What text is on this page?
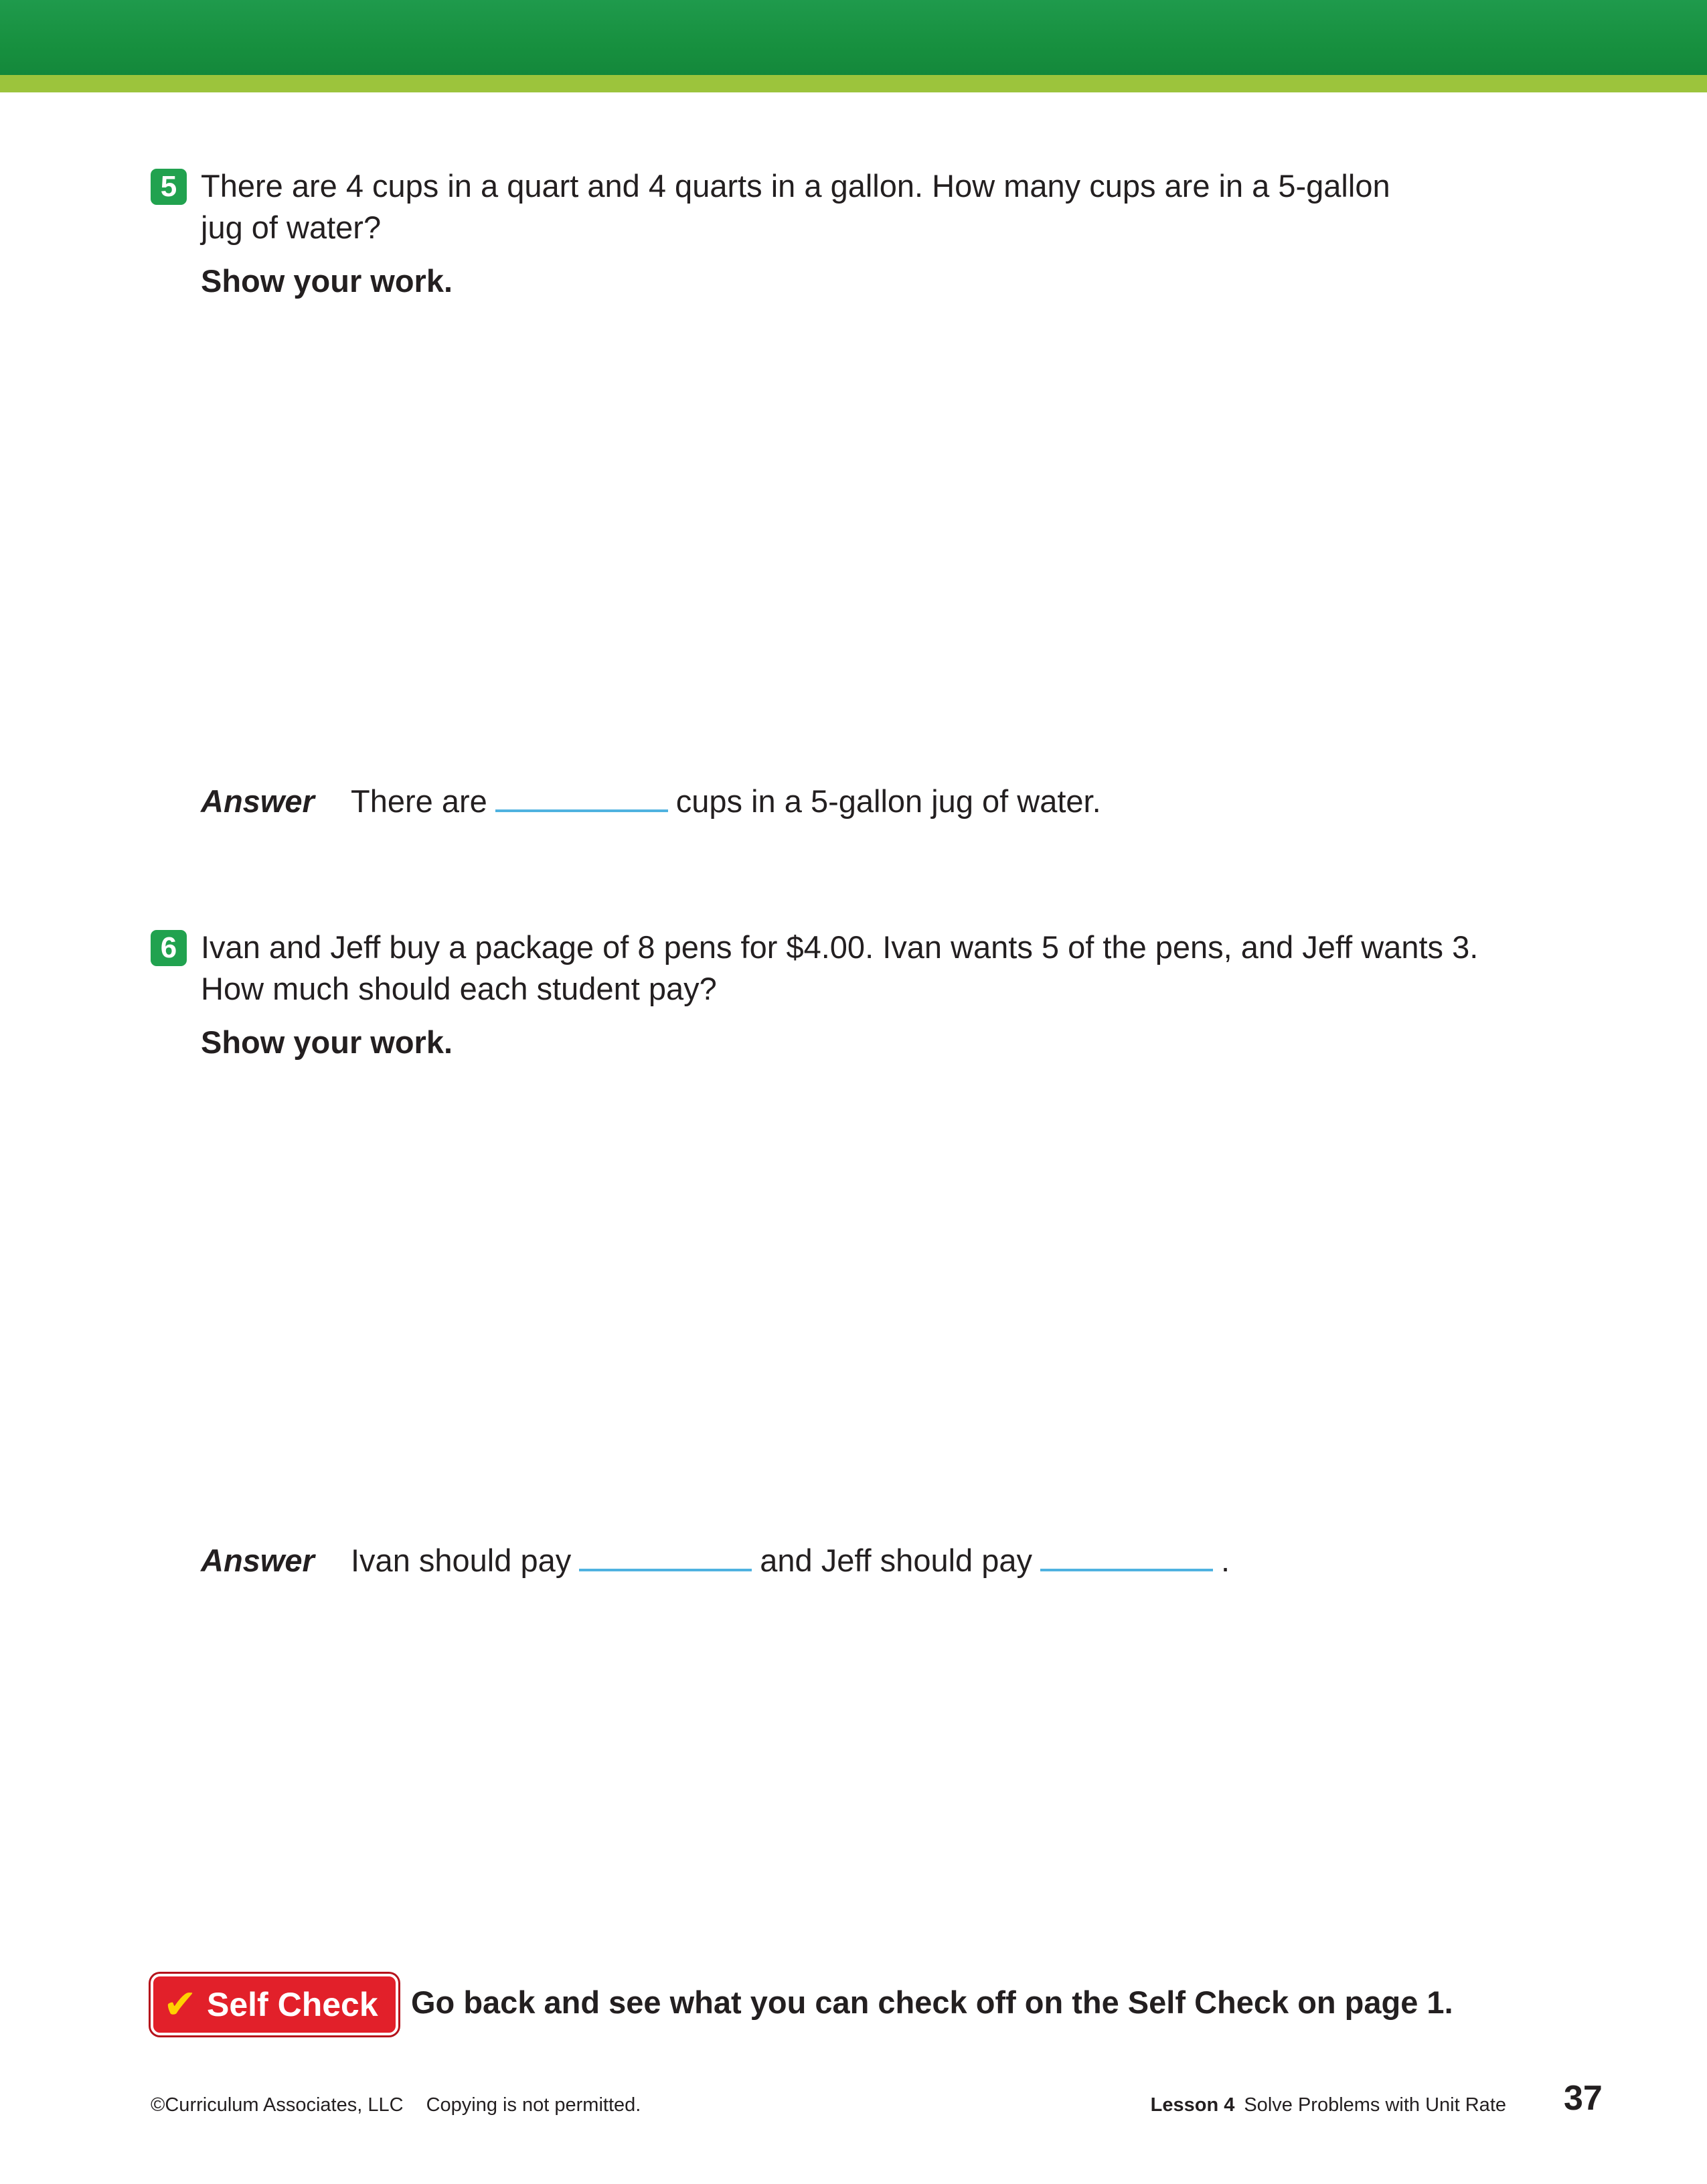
5 There are 4 cups in a quart and 4 quarts in a gallon. How many cups are in a 5-gallon
jug of water?
Show your work.
Answer There are	cups in a 5-gallon jug of water.
6 Ivan and Jeff buy a package of 8 pens for $4.00. Ivan wants 5 of the pens, and Jeff wants 3.
How much should each student pay?
Show your work.
Answer Ivan should pay	and Jeff should pay	.
✔ Self Check	Go back and see what you can check off on the Self Check on page 1.
©Curriculum Associates, LLC Copying is not permitted.	Lesson 4 Solve Problems with Unit Rate 37
